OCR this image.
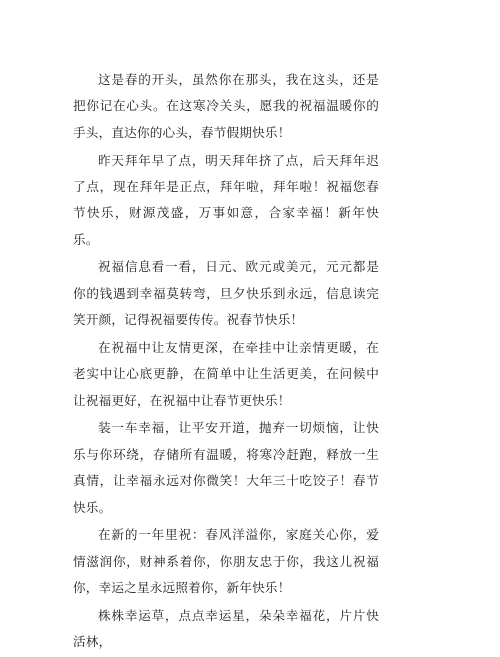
这是春的开头，虽然你在那头，我在这头，还是把你记在心头。在这寒冷关头，愿我的祝福温暖你的手头，直达你的心头，春节假期快乐！

昨天拜年早了点，明天拜年挤了点，后天拜年迟了点，现在拜年是正点，拜年啦，拜年啦！祝福您春节快乐，财源茂盛，万事如意，合家幸福！新年快乐。

祝福信息看一看，日元、欧元或美元，元元都是你的钱遇到幸福莫转弯，旦夕快乐到永远，信息读完笑开颜，记得祝福要传传。祝春节快乐！

在祝福中让友情更深，在牵挂中让亲情更暖，在老实中让心底更静，在简单中让生活更美，在问候中让祝福更好，在祝福中让春节更快乐！

装一车幸福，让平安开道，抛弃一切烦恼，让快乐与你环绕，存储所有温暖，将寒冷赶跑，释放一生真情，让幸福永远对你微笑！大年三十吃饺子！春节快乐。

在新的一年里祝：春风洋溢你，家庭关心你，爱情滋润你，财神系着你，你朋友忠于你，我这儿祝福你，幸运之星永远照着你，新年快乐！

株株幸运草，点点幸运星，朵朵幸福花，片片快活林，
